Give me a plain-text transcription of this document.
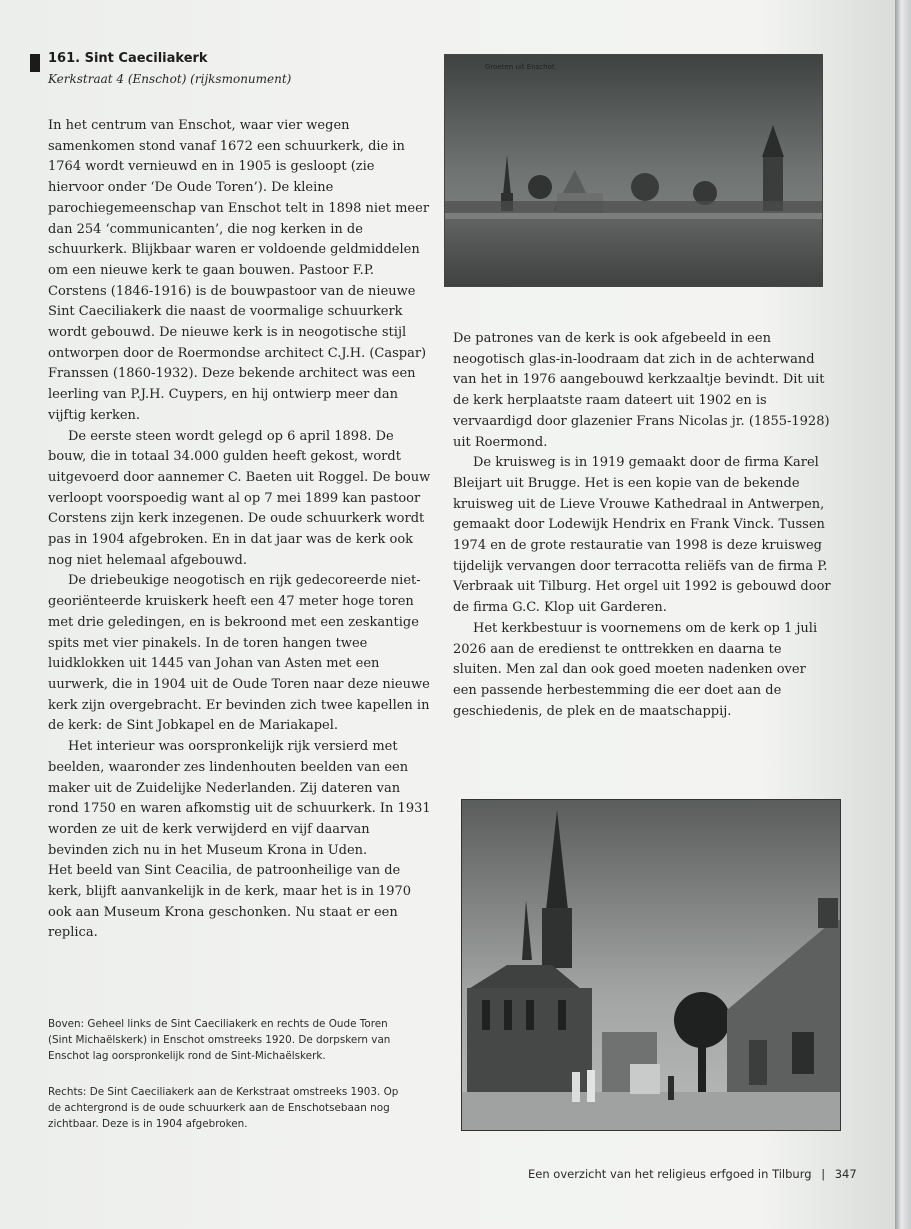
161. Sint Caeciliakerk
Kerkstraat 4 (Enschot) (rijksmonument)

In het centrum van Enschot, waar vier wegen samenkomen stond vanaf 1672 een schuurkerk, die in 1764 wordt vernieuwd en in 1905 is gesloopt (zie hiervoor onder ‘De Oude Toren’). De kleine parochiegemeenschap van Enschot telt in 1898 niet meer dan 254 ‘communicanten’, die nog kerken in de schuurkerk. Blijkbaar waren er voldoende geldmiddelen om een nieuwe kerk te gaan bouwen. Pastoor F.P. Corstens (1846-1916) is de bouwpastoor van de nieuwe Sint Caeciliakerk die naast de voormalige schuurkerk wordt gebouwd. De nieuwe kerk is in neogotische stijl ontworpen door de Roermondse architect C.J.H. (Caspar) Franssen (1860-1932). Deze bekende architect was een leerling van P.J.H. Cuypers, en hij ontwierp meer dan vijftig kerken.

De eerste steen wordt gelegd op 6 april 1898. De bouw, die in totaal 34.000 gulden heeft gekost, wordt uitgevoerd door aannemer C. Baeten uit Roggel. De bouw verloopt voorspoedig want al op 7 mei 1899 kan pastoor Corstens zijn kerk inzegenen. De oude schuurkerk wordt pas in 1904 afgebroken. En in dat jaar was de kerk ook nog niet helemaal afgebouwd.

De driebeukige neogotisch en rijk gedecoreerde niet-georiënteerde kruiskerk heeft een 47 meter hoge toren met drie geledingen, en is bekroond met een zeskantige spits met vier pinakels. In de toren hangen twee luidklokken uit 1445 van Johan van Asten met een uurwerk, die in 1904 uit de Oude Toren naar deze nieuwe kerk zijn overgebracht. Er bevinden zich twee kapellen in de kerk: de Sint Jobkapel en de Mariakapel.

Het interieur was oorspronkelijk rijk versierd met beelden, waaronder zes lindenhouten beelden van een maker uit de Zuidelijke Nederlanden. Zij dateren van rond 1750 en waren afkomstig uit de schuurkerk. In 1931 worden ze uit de kerk verwijderd en vijf daarvan bevinden zich nu in het Museum Krona in Uden.

Het beeld van Sint Ceacilia, de patroonheilige van de kerk, blijft aanvankelijk in de kerk, maar het is in 1970 ook aan Museum Krona geschonken. Nu staat er een replica.

Groeten uit Enschot.

De patrones van de kerk is ook afgebeeld in een neogotisch glas-in-loodraam dat zich in de achterwand van het in 1976 aangebouwd kerkzaaltje bevindt. Dit uit de kerk herplaatste raam dateert uit 1902 en is vervaardigd door glazenier Frans Nicolas jr. (1855-1928) uit Roermond.

De kruisweg is in 1919 gemaakt door de firma Karel Bleijart uit Brugge. Het is een kopie van de bekende kruisweg uit de Lieve Vrouwe Kathedraal in Antwerpen, gemaakt door Lodewijk Hendrix en Frank Vinck. Tussen 1974 en de grote restauratie van 1998 is deze kruisweg tijdelijk vervangen door terracotta reliëfs van de firma P. Verbraak uit Tilburg. Het orgel uit 1992 is gebouwd door de firma G.C. Klop uit Garderen.

Het kerkbestuur is voornemens om de kerk op 1 juli 2026 aan de eredienst te onttrekken en daarna te sluiten. Men zal dan ook goed moeten nadenken over een passende herbestemming die eer doet aan de geschiedenis, de plek en de maatschappij.

Boven: Geheel links de Sint Caeciliakerk en rechts de Oude Toren (Sint Michaëlskerk) in Enschot omstreeks 1920. De dorpskern van Enschot lag oorspronkelijk rond de Sint-Michaëlskerk.
Rechts: De Sint Caeciliakerk aan de Kerkstraat omstreeks 1903. Op de achtergrond is de oude schuurkerk aan de Enschotsebaan nog zichtbaar. Deze is in 1904 afgebroken.
Een overzicht van het religieus erfgoed in Tilburg | 347
